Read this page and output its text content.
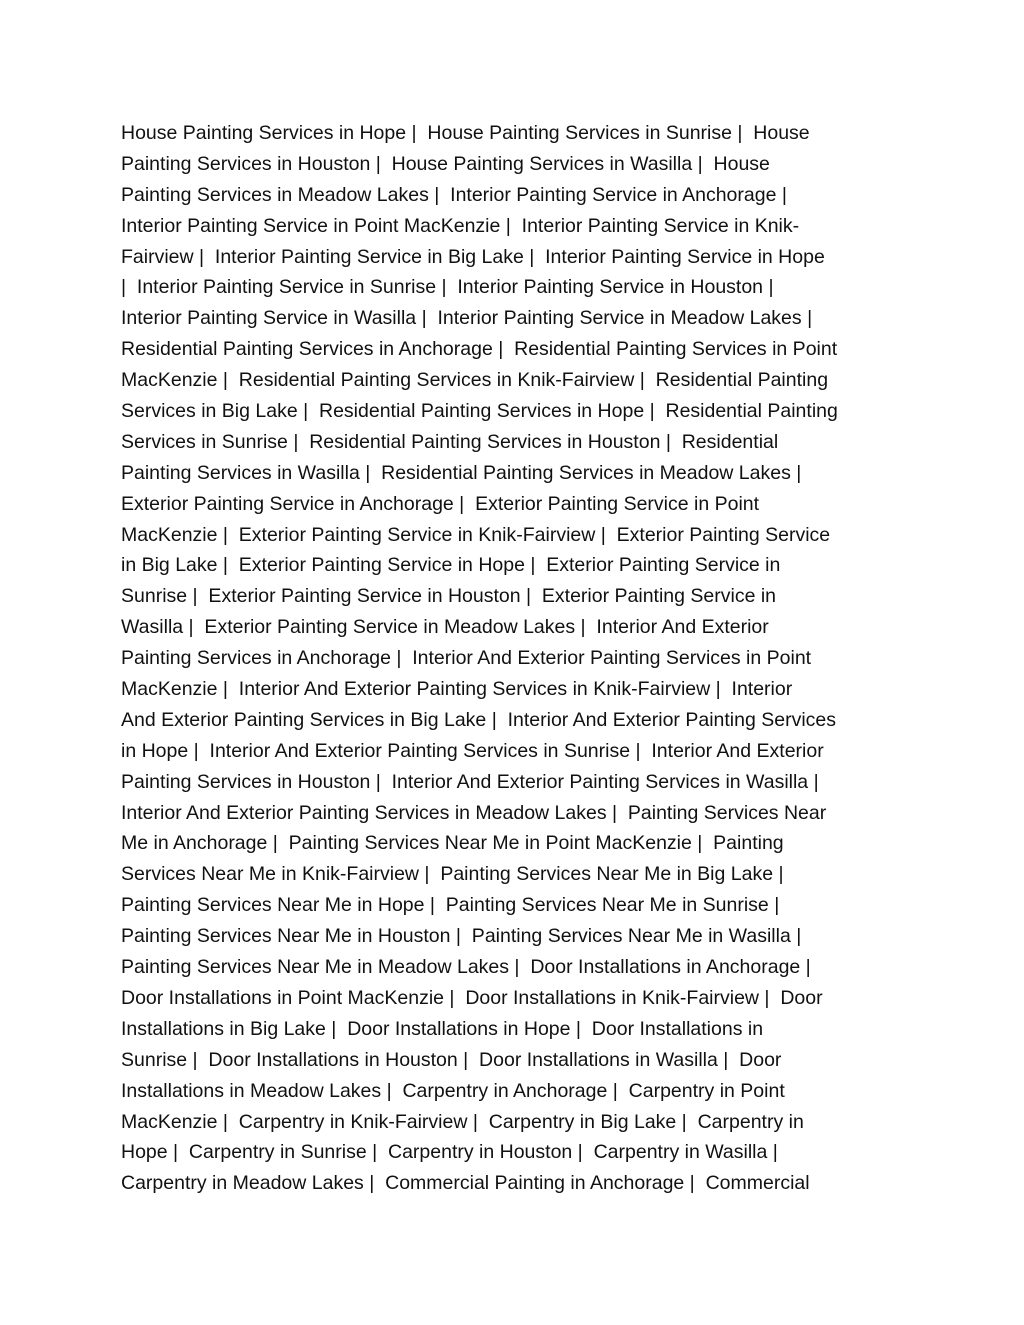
House Painting Services in Hope |  House Painting Services in Sunrise |  House
Painting Services in Houston |  House Painting Services in Wasilla |  House
Painting Services in Meadow Lakes |  Interior Painting Service in Anchorage |
Interior Painting Service in Point MacKenzie |  Interior Painting Service in Knik-
Fairview |  Interior Painting Service in Big Lake |  Interior Painting Service in Hope
|  Interior Painting Service in Sunrise |  Interior Painting Service in Houston |
Interior Painting Service in Wasilla |  Interior Painting Service in Meadow Lakes |
Residential Painting Services in Anchorage |  Residential Painting Services in Point
MacKenzie |  Residential Painting Services in Knik-Fairview |  Residential Painting
Services in Big Lake |  Residential Painting Services in Hope |  Residential Painting
Services in Sunrise |  Residential Painting Services in Houston |  Residential
Painting Services in Wasilla |  Residential Painting Services in Meadow Lakes |
Exterior Painting Service in Anchorage |  Exterior Painting Service in Point
MacKenzie |  Exterior Painting Service in Knik-Fairview |  Exterior Painting Service
in Big Lake |  Exterior Painting Service in Hope |  Exterior Painting Service in
Sunrise |  Exterior Painting Service in Houston |  Exterior Painting Service in
Wasilla |  Exterior Painting Service in Meadow Lakes |  Interior And Exterior
Painting Services in Anchorage |  Interior And Exterior Painting Services in Point
MacKenzie |  Interior And Exterior Painting Services in Knik-Fairview |  Interior
And Exterior Painting Services in Big Lake |  Interior And Exterior Painting Services
in Hope |  Interior And Exterior Painting Services in Sunrise |  Interior And Exterior
Painting Services in Houston |  Interior And Exterior Painting Services in Wasilla |
Interior And Exterior Painting Services in Meadow Lakes |  Painting Services Near
Me in Anchorage |  Painting Services Near Me in Point MacKenzie |  Painting
Services Near Me in Knik-Fairview |  Painting Services Near Me in Big Lake |
Painting Services Near Me in Hope |  Painting Services Near Me in Sunrise |
Painting Services Near Me in Houston |  Painting Services Near Me in Wasilla |
Painting Services Near Me in Meadow Lakes |  Door Installations in Anchorage |
Door Installations in Point MacKenzie |  Door Installations in Knik-Fairview |  Door
Installations in Big Lake |  Door Installations in Hope |  Door Installations in
Sunrise |  Door Installations in Houston |  Door Installations in Wasilla |  Door
Installations in Meadow Lakes |  Carpentry in Anchorage |  Carpentry in Point
MacKenzie |  Carpentry in Knik-Fairview |  Carpentry in Big Lake |  Carpentry in
Hope |  Carpentry in Sunrise |  Carpentry in Houston |  Carpentry in Wasilla |
Carpentry in Meadow Lakes |  Commercial Painting in Anchorage |  Commercial
